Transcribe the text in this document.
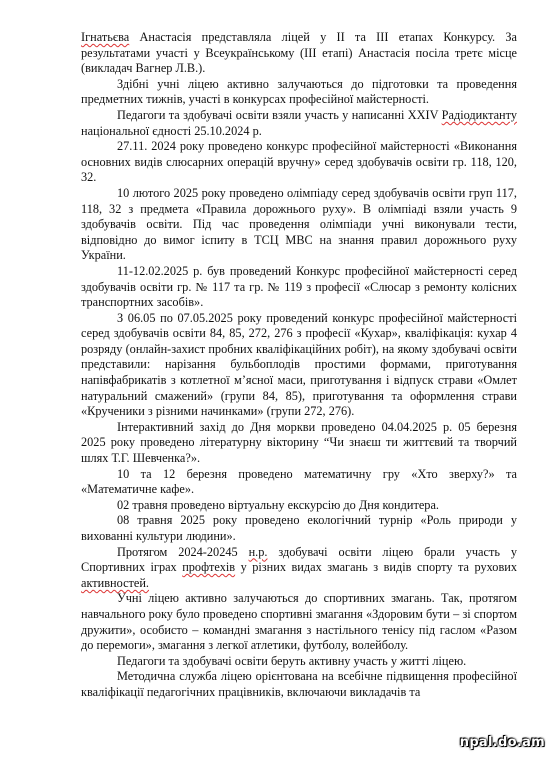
Ігнатьєва Анастасія представляла ліцей у ІІ та ІІІ етапах Конкурсу. За результатами участі у Всеукраїнському (ІІІ етапі) Анастасія посіла третє місце (викладач Вагнер Л.В.).

Здібні учні ліцею активно залучаються до підготовки та проведення предметних тижнів, участі в конкурсах професійної майстерності.

Педагоги та здобувачі освіти взяли участь у написанні XXIV Радіодиктанту національної єдності 25.10.2024 р.

27.11. 2024 року проведено конкурс професійної майстерності «Виконання основних видів слюсарних операцій вручну» серед здобувачів освіти гр. 118, 120, 32.

10 лютого 2025 року проведено олімпіаду серед здобувачів освіти груп 117, 118, 32 з предмета «Правила дорожнього руху». В олімпіаді взяли участь 9 здобувачів освіти. Під час проведення олімпіади учні виконували тести, відповідно до вимог іспиту в ТСЦ МВС на знання правил дорожнього руху України.

11-12.02.2025 р. був проведений Конкурс професійної майстерності серед здобувачів освіти гр. № 117 та гр. № 119 з професії «Слюсар з ремонту колісних транспортних засобів».

З 06.05 по 07.05.2025 року проведений конкурс професійної майстерності серед здобувачів освіти 84, 85, 272, 276 з професії «Кухар», кваліфікація: кухар 4 розряду (онлайн-захист пробних кваліфікаційних робіт), на якому здобувачі освіти представили: нарізання бульбоплодів простими формами, приготування напівфабрикатів з котлетної м’ясної маси, приготування і відпуск страви «Омлет натуральний смажений» (групи 84, 85), приготування та оформлення страви «Крученики з різними начинками» (групи 272, 276).

Інтерактивний захід до Дня моркви проведено 04.04.2025 р. 05 березня 2025 року проведено літературну вікторину “Чи знаєш ти життєвий та творчий шлях Т.Г. Шевченка?».

10 та 12 березня проведено математичну гру «Хто зверху?» та «Математичне кафе».

02 травня проведено віртуальну екскурсію до Дня кондитера.

08 травня 2025 року проведено екологічний турнір «Роль природи у вихованні культури людини».

Протягом 2024-20245 н.р. здобувачі освіти ліцею брали участь у Спортивних іграх профтехів у різних видах змагань з видів спорту та рухових активностей.

Учні ліцею активно залучаються до спортивних змагань. Так, протягом навчального року було проведено спортивні змагання «Здоровим бути – зі спортом дружити», особисто – командні змагання з настільного тенісу під гаслом «Разом до перемоги», змагання з легкої атлетики, футболу, волейболу.

Педагоги та здобувачі освіти беруть активну участь у житті ліцею.

Методична служба ліцею орієнтована на всебічне підвищення професійної кваліфікації педагогічних працівників, включаючи викладачів та

npal.do.am
